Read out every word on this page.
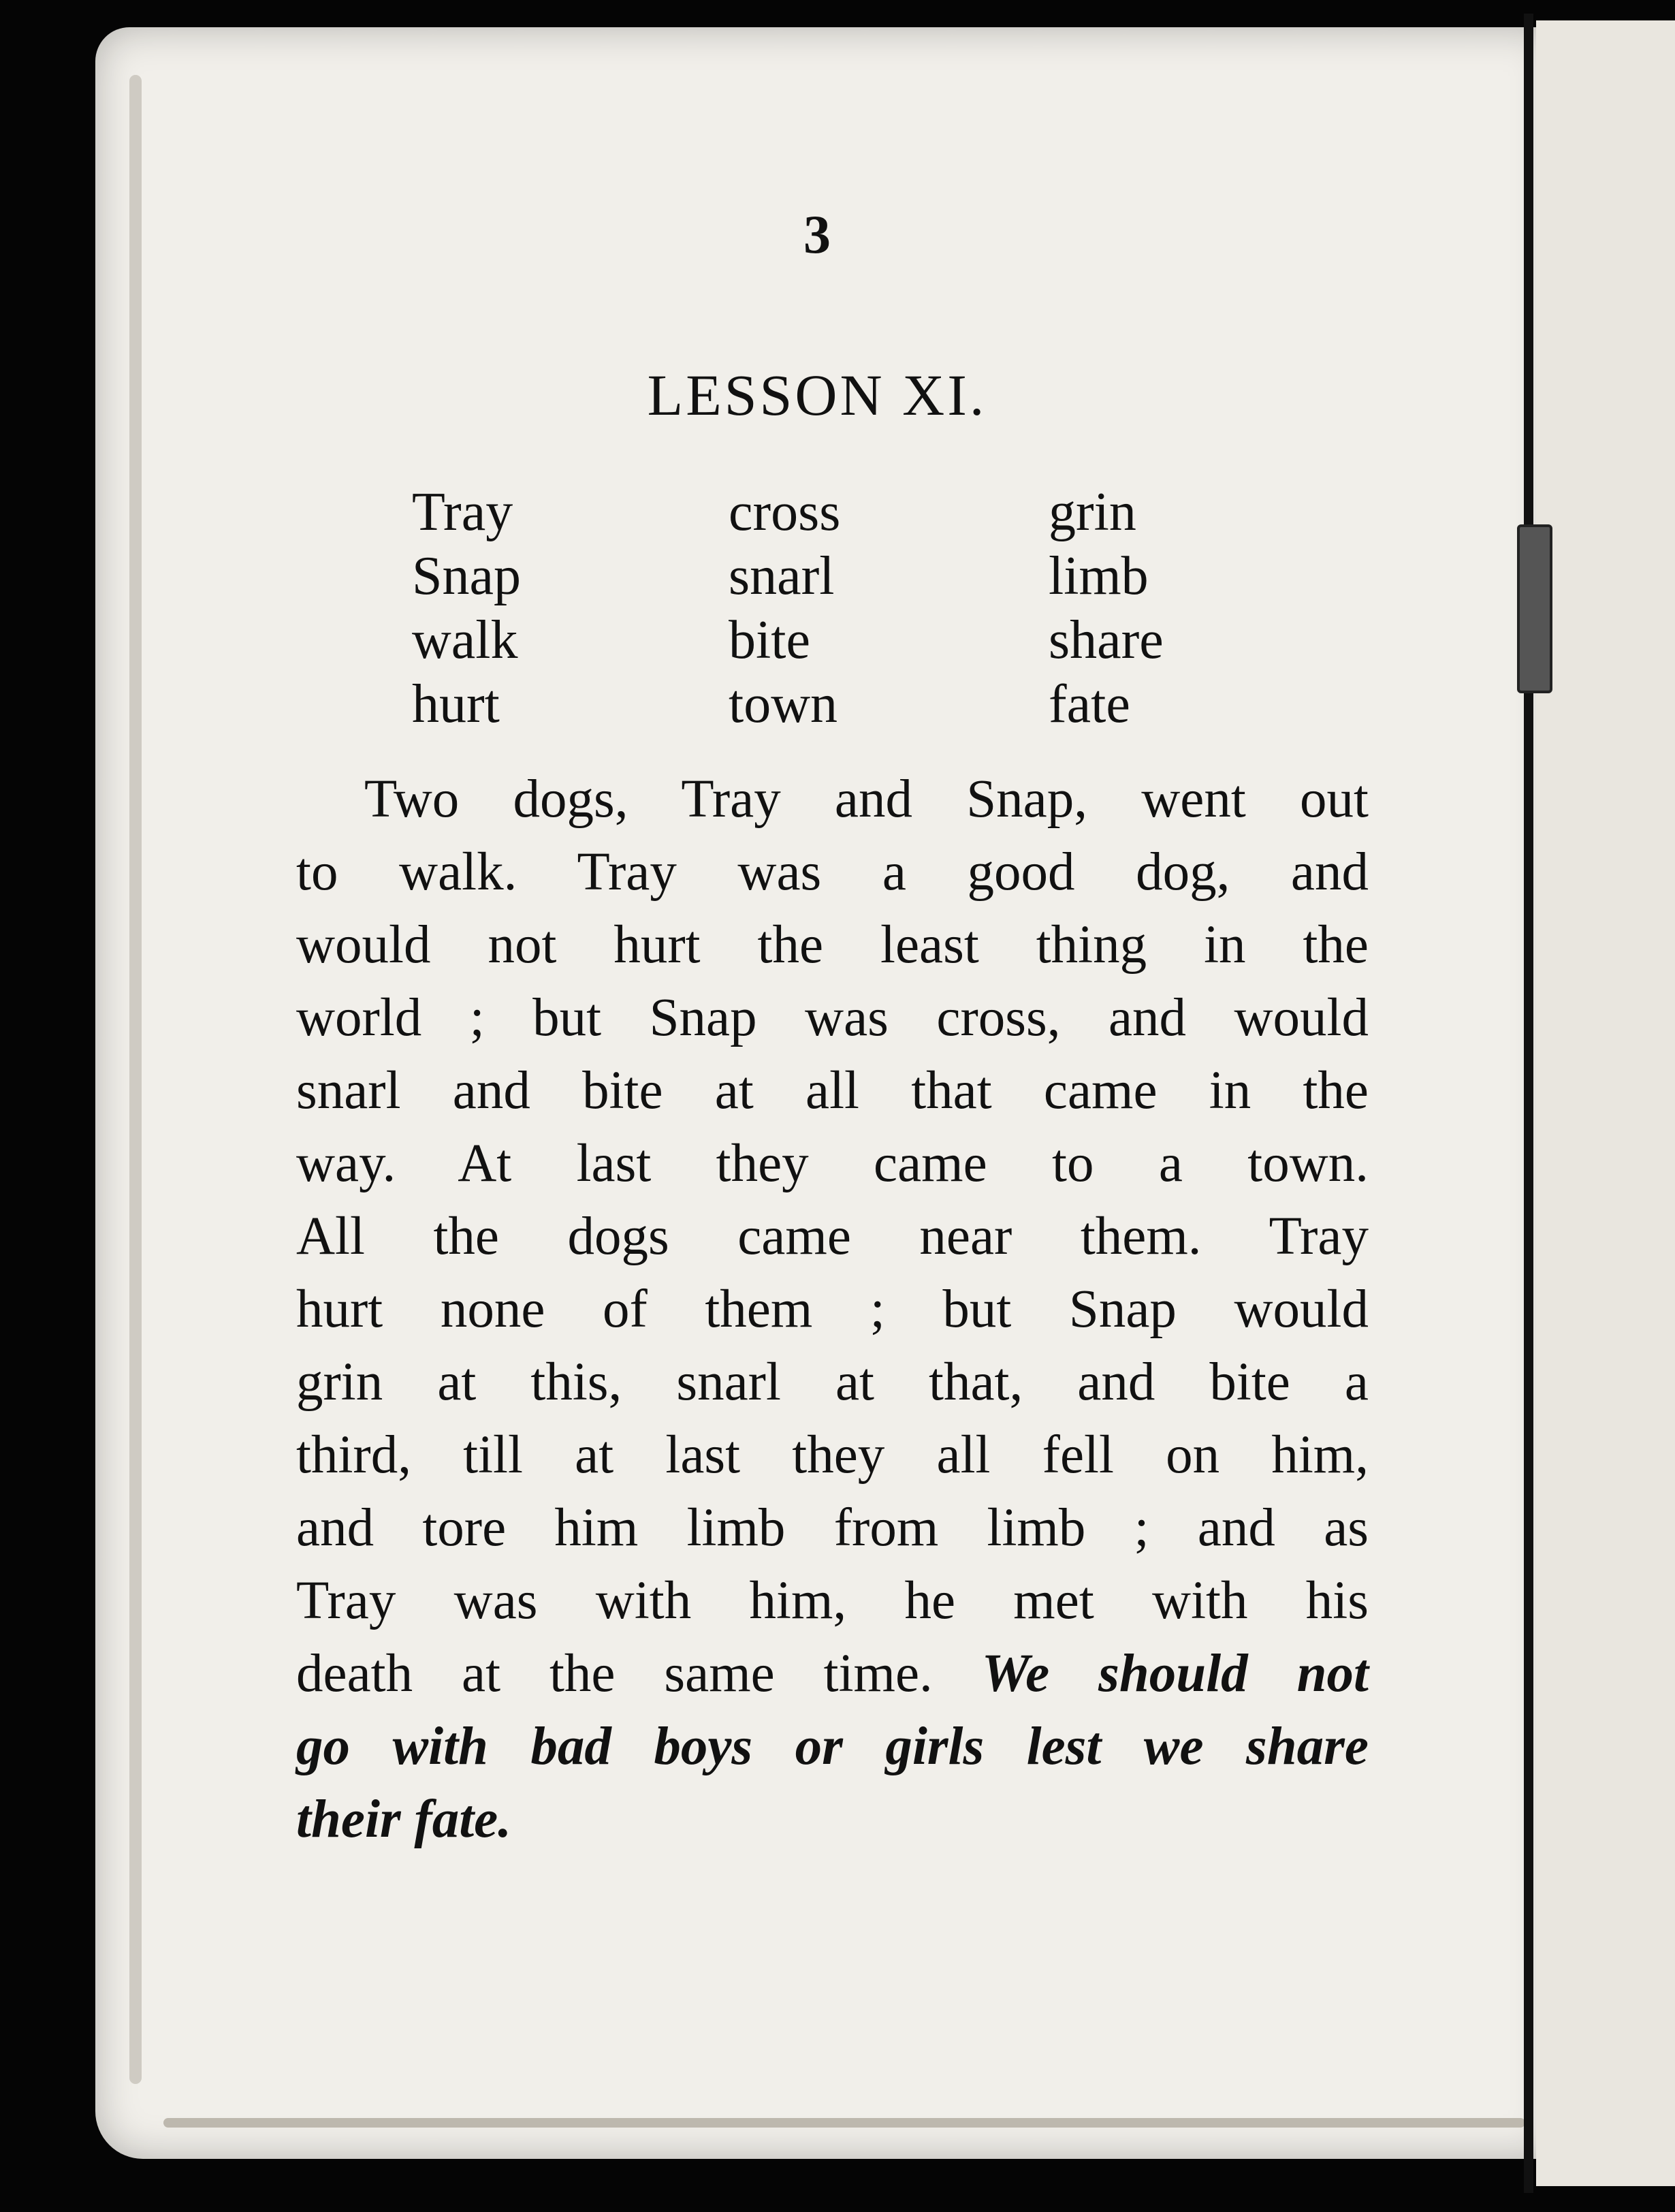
3
LESSON XI.
Tray
Snap
walk
hurt
cross
snarl
bite
town
grin
limb
share
fate
Two dogs, Tray and Snap, went out
to walk. Tray was a good dog, and
would not hurt the least thing in the
world ; but Snap was cross, and would
snarl and bite at all that came in the
way. At last they came to a town.
All the dogs came near them. Tray
hurt none of them ; but Snap would
grin at this, snarl at that, and bite a
third, till at last they all fell on him,
and tore him limb from limb ; and as
Tray was with him, he met with his
death at the same time. We should not
go with bad boys or girls lest we share
their fate.
